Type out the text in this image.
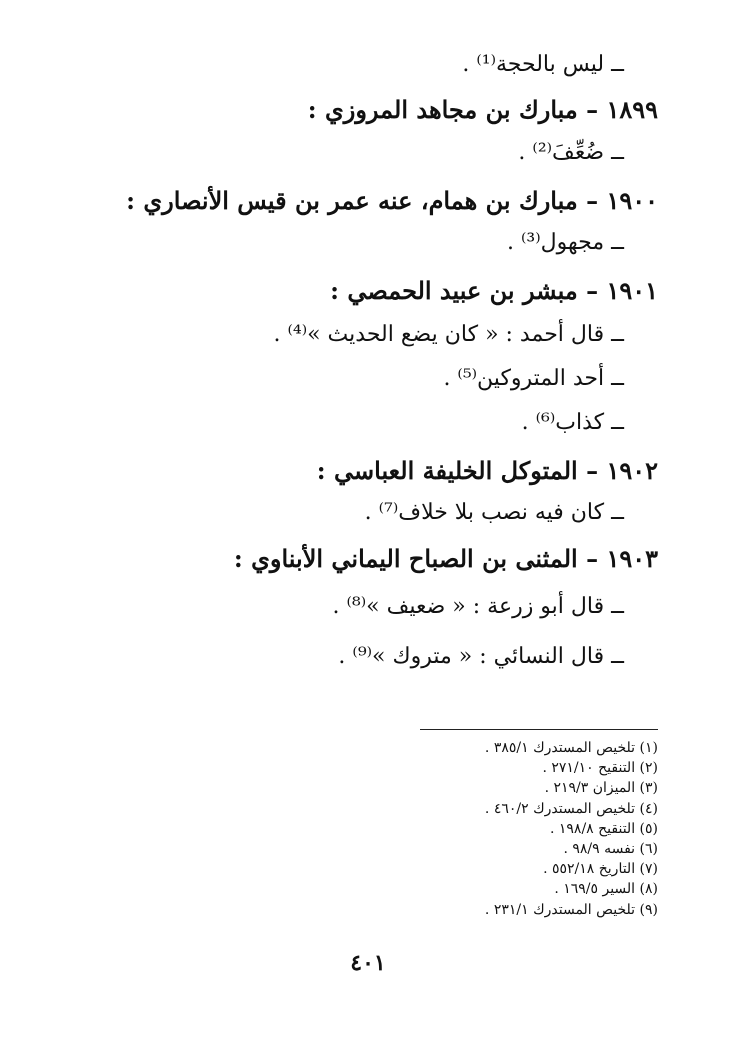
ــ ليس بالحجة⁽¹⁾ .
١٨٩٩ – مبارك بن مجاهد المروزي :
ــ ضُعِّفَ⁽²⁾ .
١٩٠٠ – مبارك بن همام، عنه عمر بن قيس الأنصاري :
ــ مجهول⁽³⁾ .
١٩٠١ – مبشر بن عبيد الحمصي :
ــ قال أحمد : « كان يضع الحديث »⁽⁴⁾ .
ــ أحد المتروكين⁽⁵⁾ .
ــ كذاب⁽⁶⁾ .
١٩٠٢ – المتوكل الخليفة العباسي :
ــ كان فيه نصب بلا خلاف⁽⁷⁾ .
١٩٠٣ – المثنى بن الصباح اليماني الأبناوي :
ــ قال أبو زرعة : « ضعيف »⁽⁸⁾ .
ــ قال النسائي : « متروك »⁽⁹⁾ .
(١) تلخيص المستدرك ٣٨٥/١ .
(٢) التنقيح ٢٧١/١٠ .
(٣) الميزان ٢١٩/٣ .
(٤) تلخيص المستدرك ٤٦٠/٢ .
(٥) التنقيح ١٩٨/٨ .
(٦) نفسه ٩٨/٩ .
(٧) التاريخ ٥٥٢/١٨ .
(٨) السير ١٦٩/٥ .
(٩) تلخيص المستدرك ٢٣١/١ .
٤٠١
